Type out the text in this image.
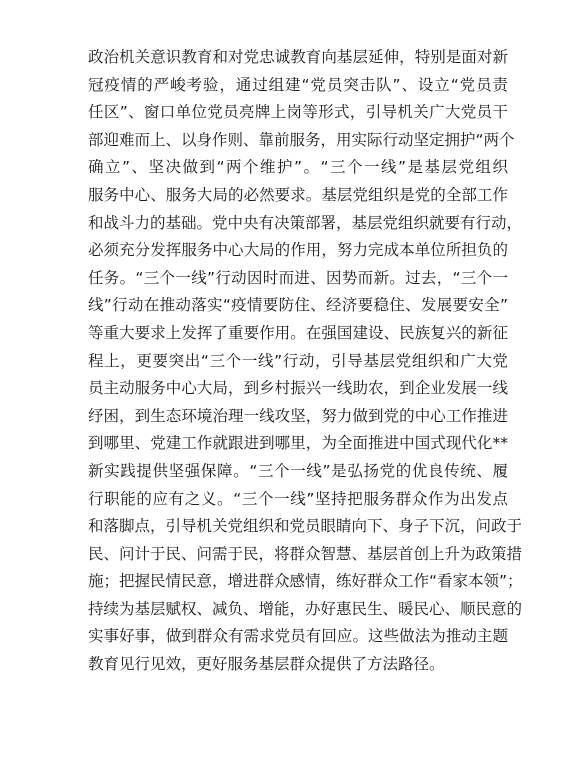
政治机关意识教育和对党忠诚教育向基层延伸，特别是面对新
冠疫情的严峻考验，通过组建“党员突击队”、设立“党员责
任区”、窗口单位党员亮牌上岗等形式，引导机关广大党员干
部迎难而上、以身作则、靠前服务，用实际行动坚定拥护“两个
确立”、坚决做到“两个维护”。“三个一线”是基层党组织
服务中心、服务大局的必然要求。基层党组织是党的全部工作
和战斗力的基础。党中央有决策部署，基层党组织就要有行动，
必须充分发挥服务中心大局的作用，努力完成本单位所担负的
任务。“三个一线”行动因时而进、因势而新。过去，“三个一
线”行动在推动落实“疫情要防住、经济要稳住、发展要安全”
等重大要求上发挥了重要作用。在强国建设、民族复兴的新征
程上，更要突出“三个一线”行动，引导基层党组织和广大党
员主动服务中心大局，到乡村振兴一线助农，到企业发展一线
纾困，到生态环境治理一线攻坚，努力做到党的中心工作推进
到哪里、党建工作就跟进到哪里，为全面推进中国式现代化**
新实践提供坚强保障。“三个一线”是弘扬党的优良传统、履
行职能的应有之义。“三个一线”坚持把服务群众作为出发点
和落脚点，引导机关党组织和党员眼睛向下、身子下沉，问政于
民、问计于民、问需于民，将群众智慧、基层首创上升为政策措
施；把握民情民意，增进群众感情，练好群众工作“看家本领”；
持续为基层赋权、减负、增能，办好惠民生、暖民心、顺民意的
实事好事，做到群众有需求党员有回应。这些做法为推动主题
教育见行见效，更好服务基层群众提供了方法路径。
